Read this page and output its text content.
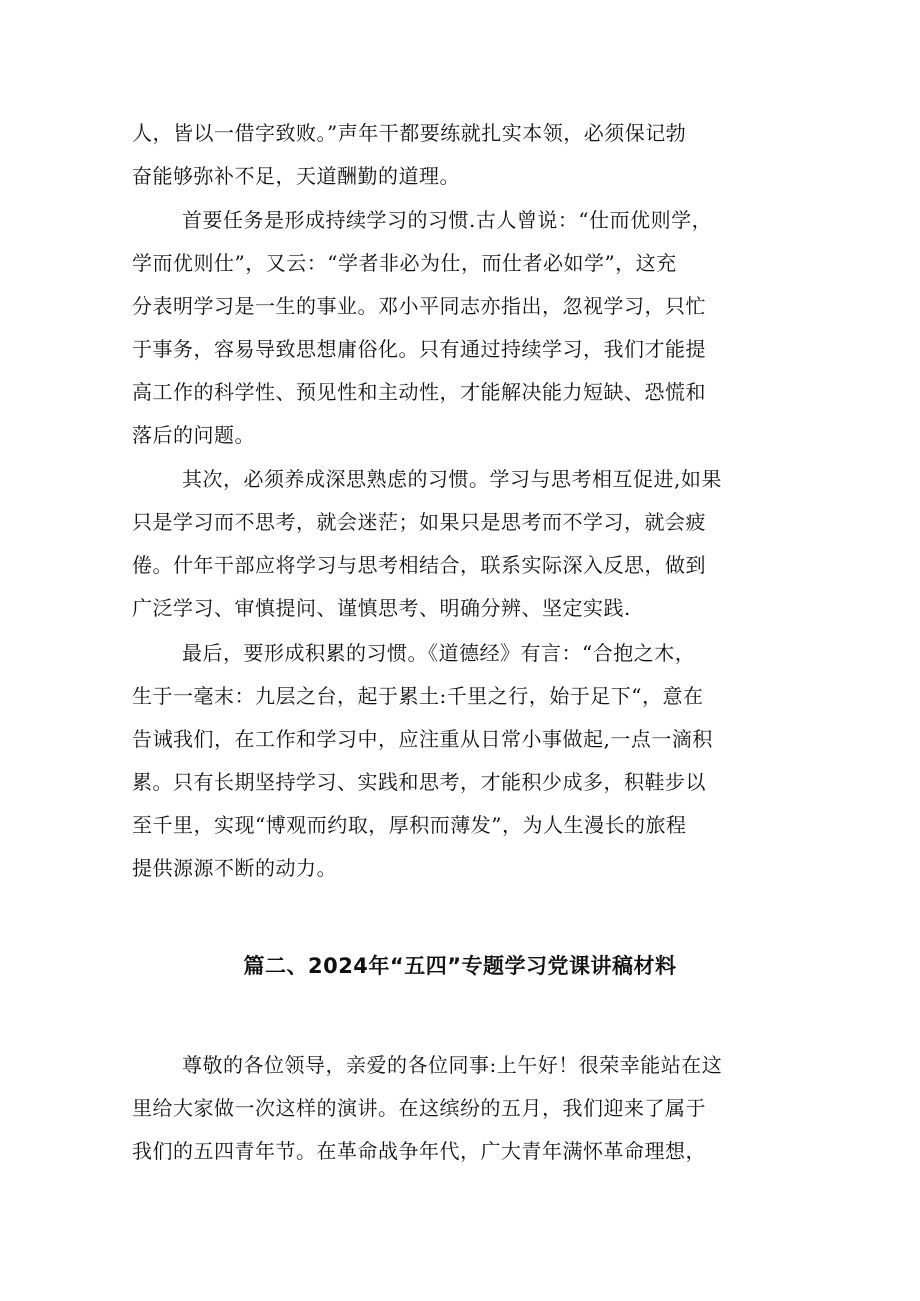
人，皆以一借字致败。”声年干都要练就扎实本领，必须保记勃
奋能够弥补不足，天道酬勤的道理。

首要任务是形成持续学习的习惯.古人曾说：“仕而优则学，
学而优则仕”，又云：“学者非必为仕，而仕者必如学”，这充
分表明学习是一生的事业。邓小平同志亦指出，忽视学习，只忙
于事务，容易导致思想庸俗化。只有通过持续学习，我们才能提
高工作的科学性、预见性和主动性，才能解决能力短缺、恐慌和
落后的问题。

其次，必须养成深思熟虑的习惯。学习与思考相互促进,如果
只是学习而不思考，就会迷茫；如果只是思考而不学习，就会疲
倦。什年干部应将学习与思考相结合，联系实际深入反思，做到
广泛学习、审慎提问、谨慎思考、明确分辨、坚定实践.

最后，要形成积累的习惯。《道德经》有言：“合抱之木，
生于一毫末：九层之台，起于累土:千里之行，始于足下“，意在
告诫我们，在工作和学习中，应注重从日常小事做起,一点一滴积
累。只有长期坚持学习、实践和思考，才能积少成多，积鞋步以
至千里，实现“博观而约取，厚积而薄发”，为人生漫长的旅程
提供源源不断的动力。

篇二、2024年“五四”专题学习党课讲稿材料

尊敬的各位领导，亲爱的各位同事:上午好！很荣幸能站在这
里给大家做一次这样的演讲。在这缤纷的五月，我们迎来了属于
我们的五四青年节。在革命战争年代，广大青年满怀革命理想，
